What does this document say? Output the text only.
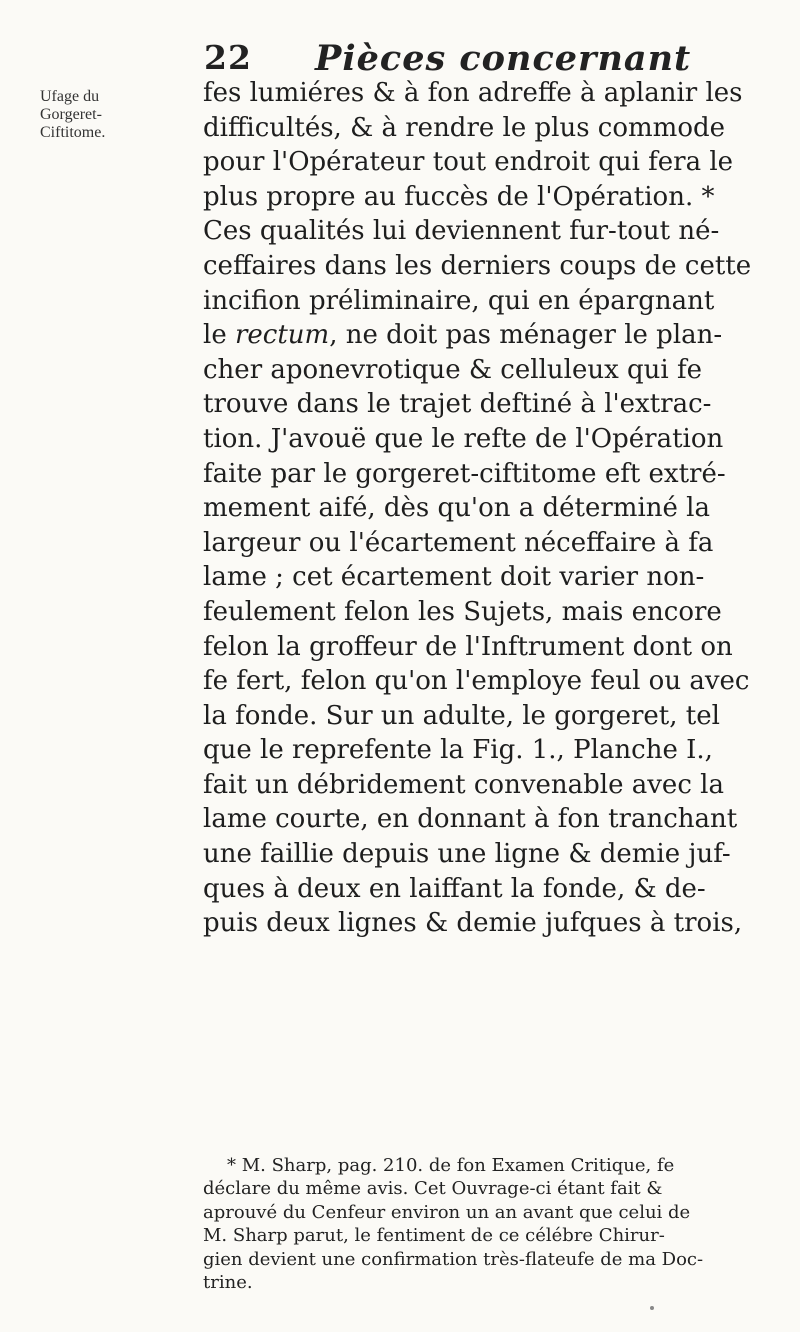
22 Pièces concernant
Ufage du
Gorgeret-
Ciftitome.
fes lumiéres & à fon adreffe à aplanir les
difficultés, & à rendre le plus commode
pour l'Opérateur tout endroit qui fera le
plus propre au fuccès de l'Opération. *
Ces qualités lui deviennent fur-tout né-
ceffaires dans les derniers coups de cette
incifion préliminaire, qui en épargnant
le rectum, ne doit pas ménager le plan-
cher aponevrotique & celluleux qui fe
trouve dans le trajet deftiné à l'extrac-
tion. J'avouë que le refte de l'Opération
faite par le gorgeret-ciftitome eft extré-
mement aifé, dès qu'on a déterminé la
largeur ou l'écartement néceffaire à fa
lame ; cet écartement doit varier non-
feulement felon les Sujets, mais encore
felon la groffeur de l'Inftrument dont on
fe fert, felon qu'on l'employe feul ou avec
la fonde. Sur un adulte, le gorgeret, tel
que le reprefente la Fig. 1., Planche I.,
fait un débridement convenable avec la
lame courte, en donnant à fon tranchant
une faillie depuis une ligne & demie juf-
ques à deux en laiffant la fonde, & de-
puis deux lignes & demie jufques à trois,
* M. Sharp, pag. 210. de fon Examen Critique, fe
déclare du même avis. Cet Ouvrage-ci étant fait &
aprouvé du Cenfeur environ un an avant que celui de
M. Sharp parut, le fentiment de ce célébre Chirur-
gien devient une confirmation très-flateufe de ma Doc-
trine.
